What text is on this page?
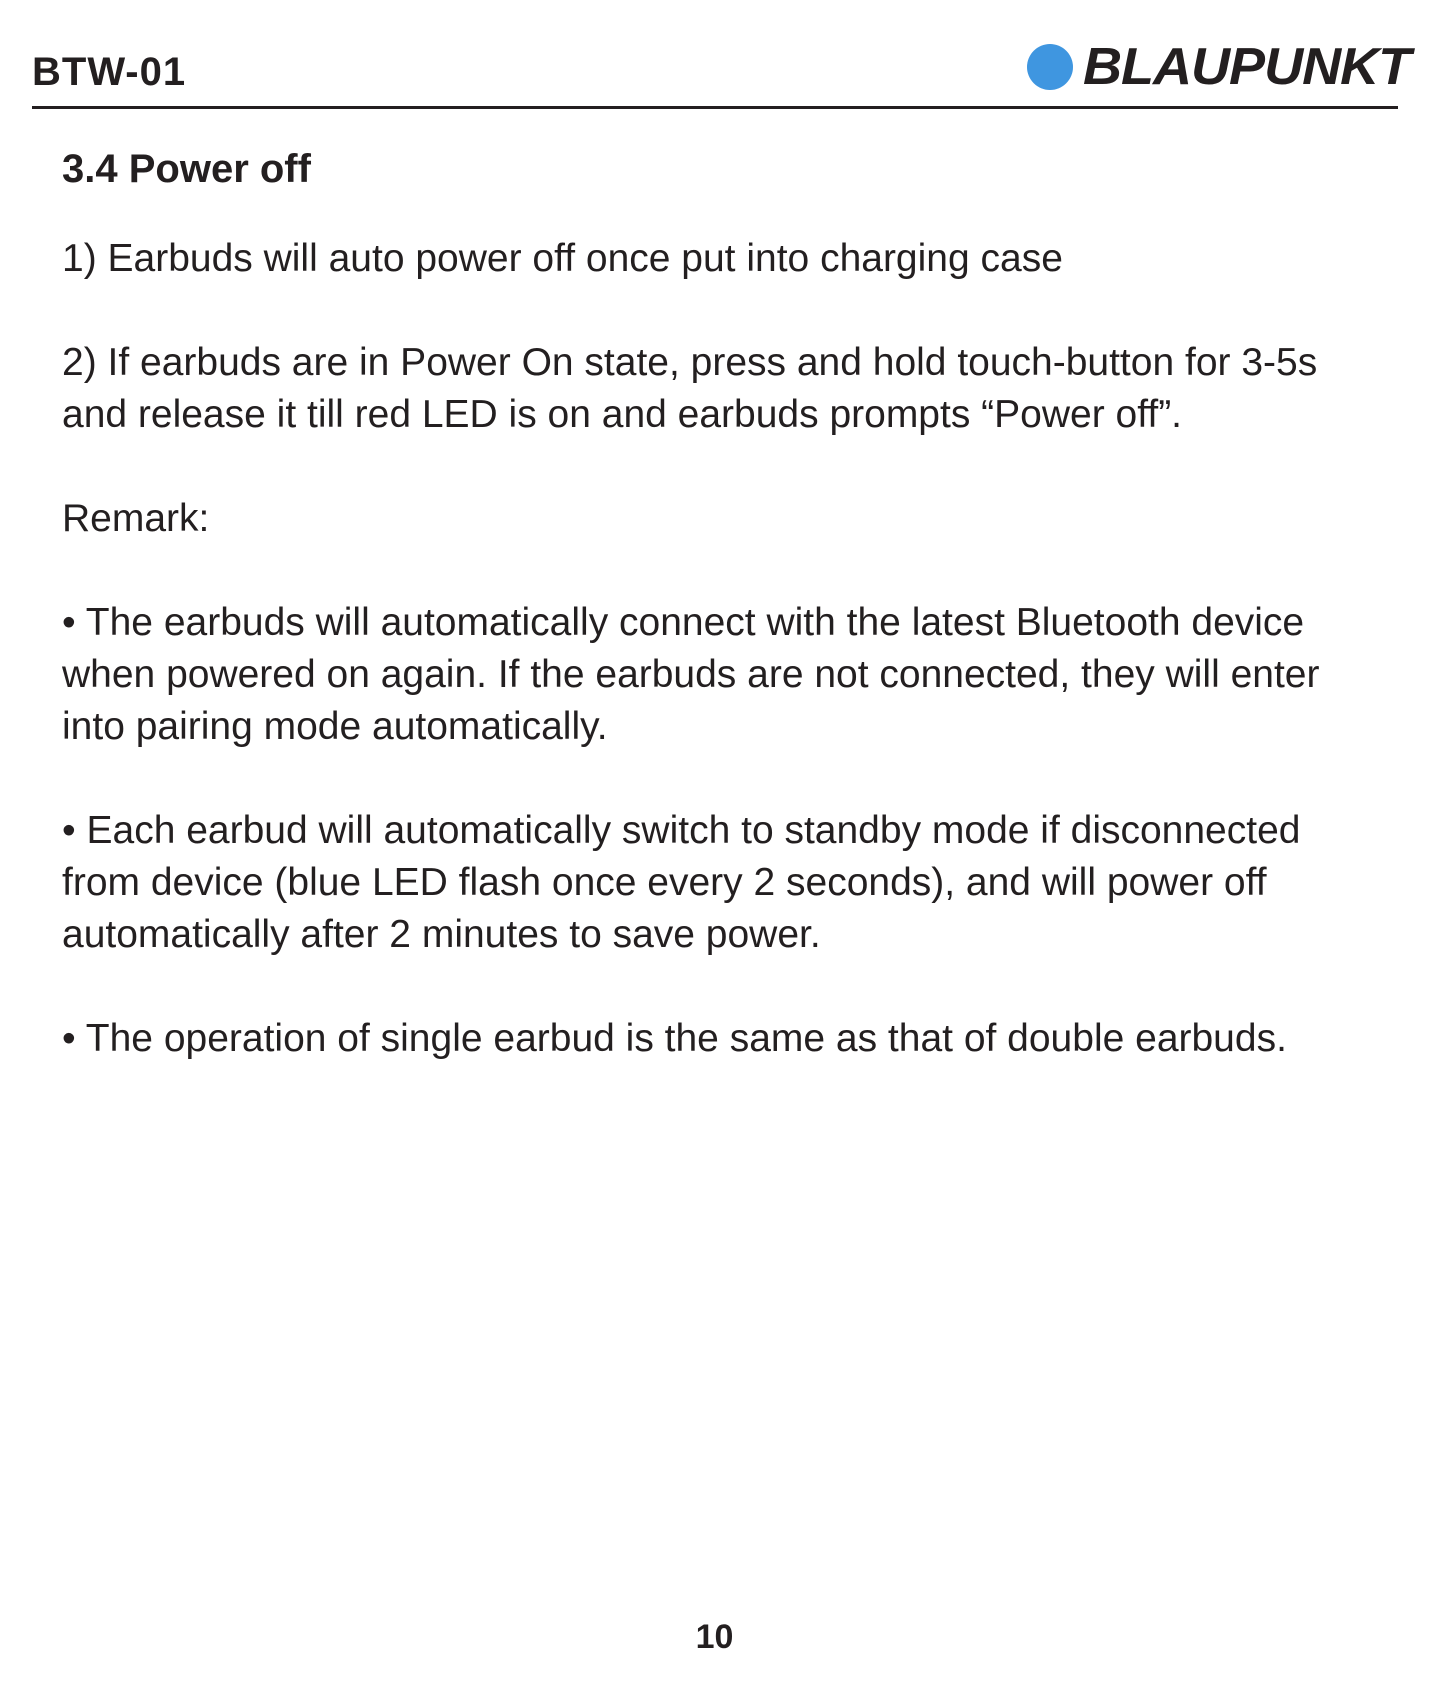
BTW-01	BLAUPUNKT
3.4 Power off

1) Earbuds will auto power off once put into charging case

2) If earbuds are in Power On state, press and hold touch-button for 3-5s and release it till red LED is on and earbuds prompts “Power off”.

Remark:

• The earbuds will automatically connect with the latest Bluetooth device when powered on again. If the earbuds are not connected, they will enter into pairing mode automatically.

• Each earbud will automatically switch to standby mode if disconnected from device (blue LED flash once every 2 seconds), and will power off automatically after 2 minutes to save power.

• The operation of single earbud is the same as that of double earbuds.

10
